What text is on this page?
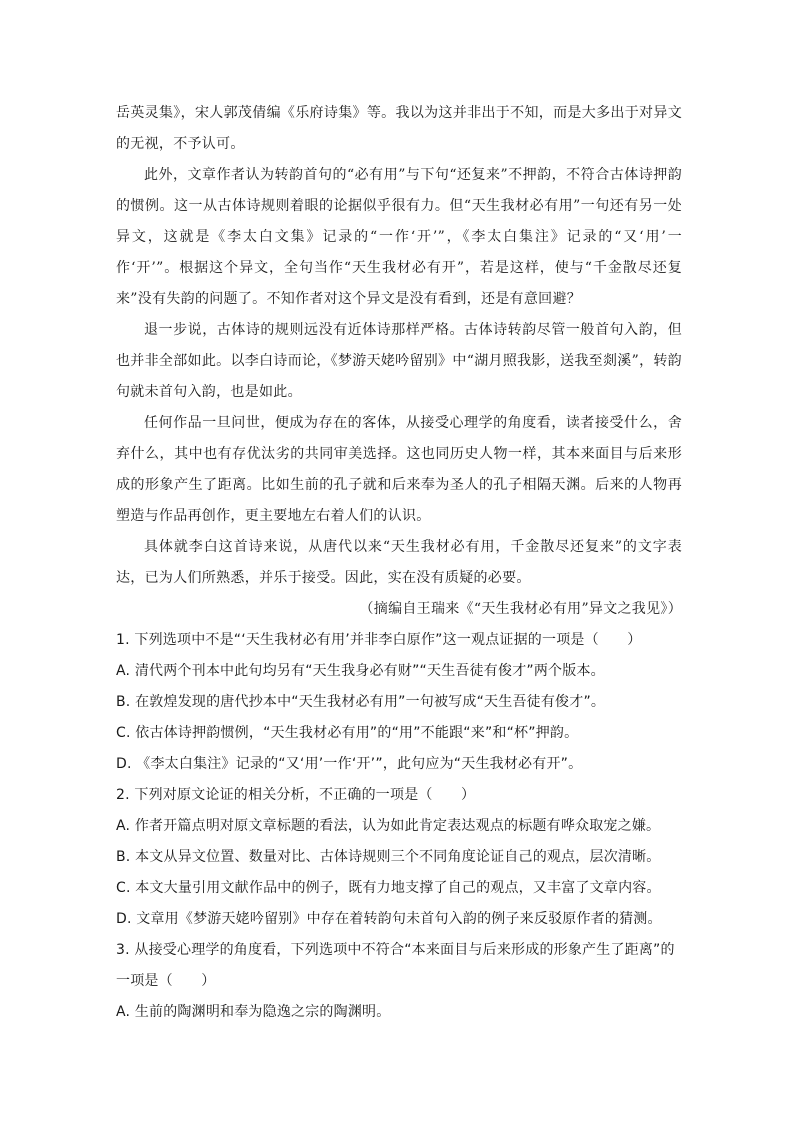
岳英灵集》，宋人郭茂倩编《乐府诗集》等。我以为这并非出于不知，而是大多出于对异文的无视，不予认可。

此外，文章作者认为转韵首句的“必有用”与下句“还复来”不押韵，不符合古体诗押韵的惯例。这一从古体诗规则着眼的论据似乎很有力。但“天生我材必有用”一句还有另一处异文，这就是《李太白文集》记录的“一作‘开’”，《李太白集注》记录的“又‘用’一作‘开’”。根据这个异文，全句当作“天生我材必有开”，若是这样，使与“千金散尽还复来”没有失韵的问题了。不知作者对这个异文是没有看到，还是有意回避？

退一步说，古体诗的规则远没有近体诗那样严格。古体诗转韵尽管一般首句入韵，但也并非全部如此。以李白诗而论，《梦游天姥吟留别》中“湖月照我影，送我至剡溪”，转韵句就未首句入韵，也是如此。

任何作品一旦问世，便成为存在的客体，从接受心理学的角度看，读者接受什么，舍弃什么，其中也有存优汰劣的共同审美选择。这也同历史人物一样，其本来面目与后来形成的形象产生了距离。比如生前的孔子就和后来奉为圣人的孔子相隔天渊。后来的人物再塑造与作品再创作，更主要地左右着人们的认识。

具体就李白这首诗来说，从唐代以来“天生我材必有用，千金散尽还复来”的文字表达，已为人们所熟悉，并乐于接受。因此，实在没有质疑的必要。

（摘编自王瑞来《“天生我材必有用”异文之我见》）

1. 下列选项中不是“‘天生我材必有用’并非李白原作”这一观点证据的一项是（　　）

A. 清代两个刊本中此句均另有“天生我身必有财”“天生吾徒有俊才”两个版本。

B. 在敦煌发现的唐代抄本中“天生我材必有用”一句被写成“天生吾徒有俊才”。

C. 依古体诗押韵惯例，“天生我材必有用”的“用”不能跟“来”和“杯”押韵。

D. 《李太白集注》记录的“又‘用’一作‘开’”，此句应为“天生我材必有开”。

2. 下列对原文论证的相关分析，不正确的一项是（　　）

A. 作者开篇点明对原文章标题的看法，认为如此肯定表达观点的标题有哗众取宠之嫌。

B. 本文从异文位置、数量对比、古体诗规则三个不同角度论证自己的观点，层次清晰。

C. 本文大量引用文献作品中的例子，既有力地支撑了自己的观点，又丰富了文章内容。

D. 文章用《梦游天姥吟留别》中存在着转韵句未首句入韵的例子来反驳原作者的猜测。

3. 从接受心理学的角度看，下列选项中不符合“本来面目与后来形成的形象产生了距离”的一项是（　　）

A. 生前的陶渊明和奉为隐逸之宗的陶渊明。
